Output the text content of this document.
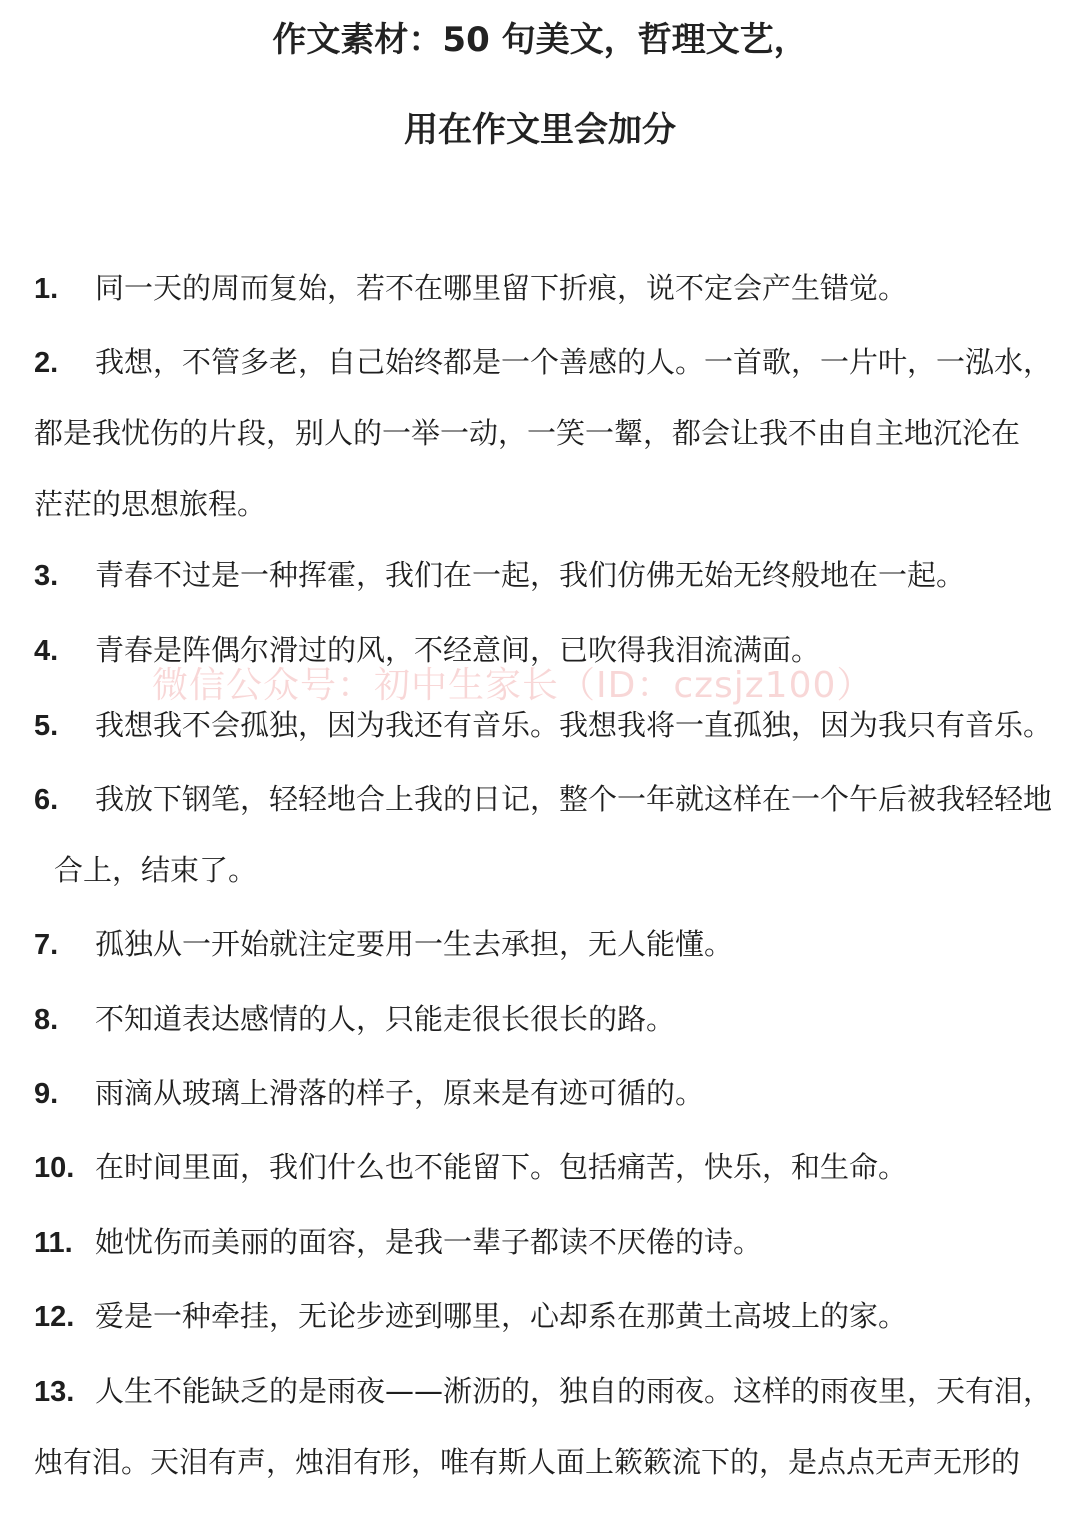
作文素材：50 句美文，哲理文艺，
用在作文里会加分
1. 同一天的周而复始，若不在哪里留下折痕，说不定会产生错觉。
2. 我想，不管多老，自己始终都是一个善感的人。一首歌，一片叶，一泓水，
都是我忧伤的片段，别人的一举一动，一笑一颦，都会让我不由自主地沉沦在
茫茫的思想旅程。
3. 青春不过是一种挥霍，我们在一起，我们仿佛无始无终般地在一起。
4. 青春是阵偶尔滑过的风，不经意间，已吹得我泪流满面。
5. 我想我不会孤独，因为我还有音乐。我想我将一直孤独，因为我只有音乐。
6. 我放下钢笔，轻轻地合上我的日记，整个一年就这样在一个午后被我轻轻地
合上，结束了。
7. 孤独从一开始就注定要用一生去承担，无人能懂。
8. 不知道表达感情的人，只能走很长很长的路。
9. 雨滴从玻璃上滑落的样子，原来是有迹可循的。
10. 在时间里面，我们什么也不能留下。包括痛苦，快乐，和生命。
11. 她忧伤而美丽的面容，是我一辈子都读不厌倦的诗。
12. 爱是一种牵挂，无论步迹到哪里，心却系在那黄土高坡上的家。
13. 人生不能缺乏的是雨夜——淅沥的，独自的雨夜。这样的雨夜里，天有泪，
烛有泪。天泪有声，烛泪有形，唯有斯人面上簌簌流下的，是点点无声无形的
微信公众号：初中生家长（ID：czsjz100）
